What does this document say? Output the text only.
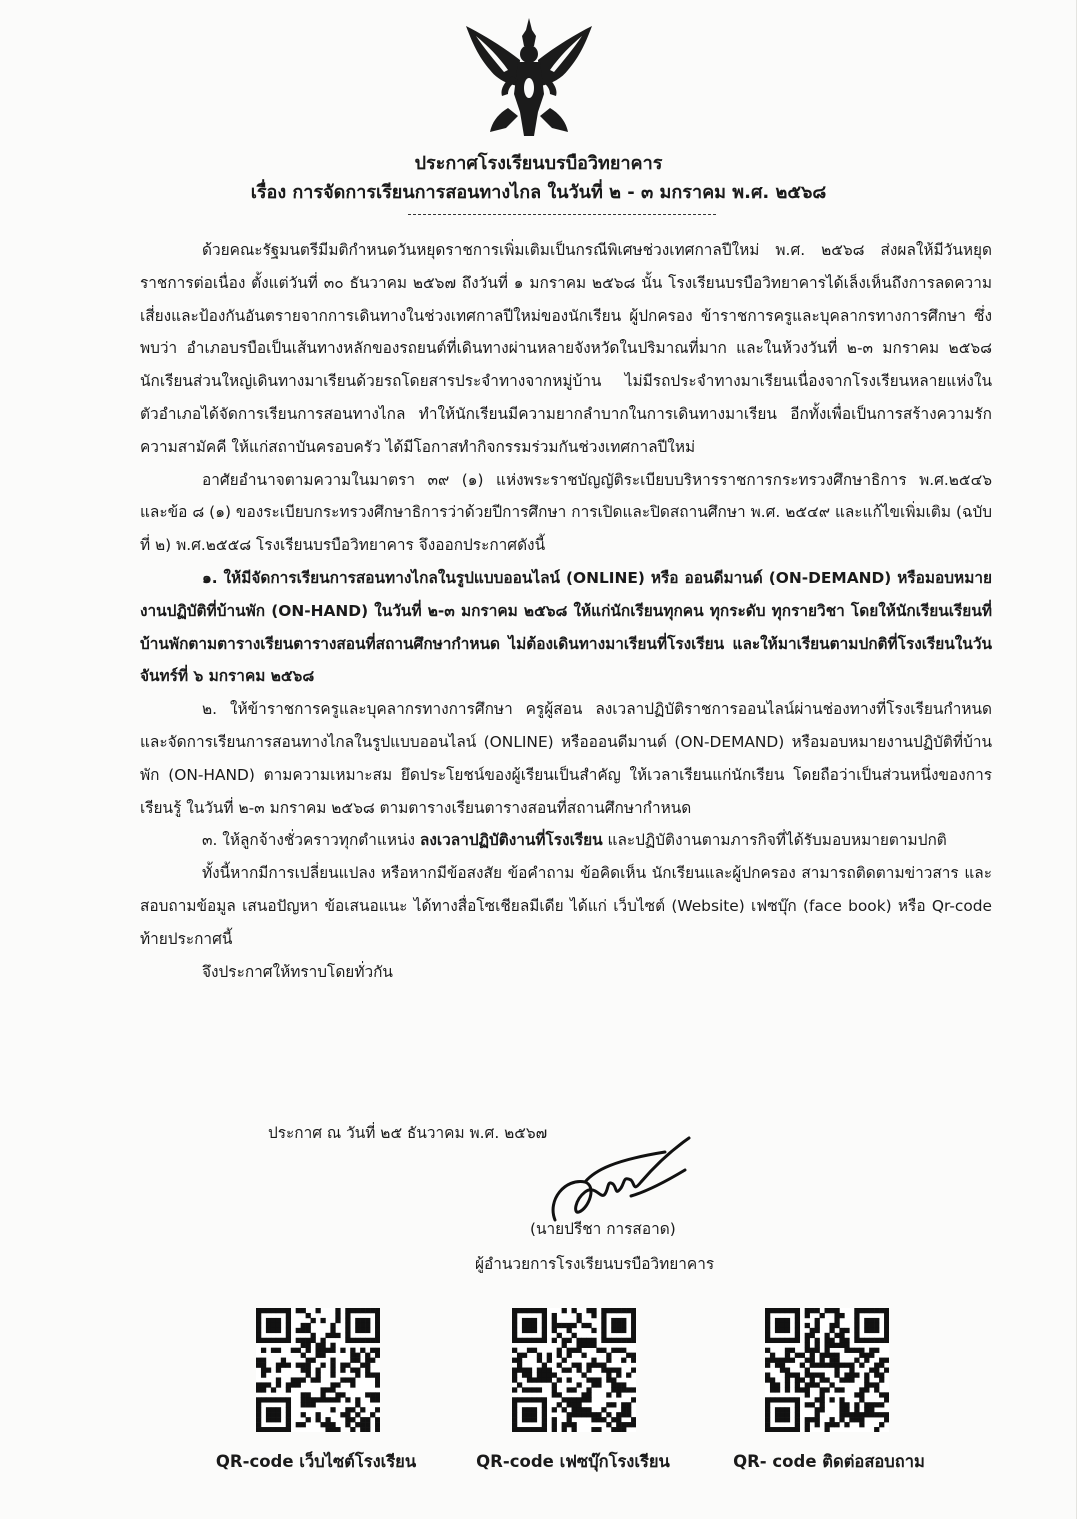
ประกาศโรงเรียนบรบือวิทยาคาร
เรื่อง การจัดการเรียนการสอนทางไกล ในวันที่ ๒ - ๓ มกราคม พ.ศ. ๒๕๖๘

ด้วยคณะรัฐมนตรีมีมติกำหนดวันหยุดราชการเพิ่มเติมเป็นกรณีพิเศษช่วงเทศกาลปีใหม่ พ.ศ. ๒๕๖๘ ส่งผลให้มีวันหยุดราชการต่อเนื่อง ตั้งแต่วันที่ ๓๐ ธันวาคม ๒๕๖๗ ถึงวันที่ ๑ มกราคม ๒๕๖๘ นั้น โรงเรียนบรบือวิทยาคารได้เล็งเห็นถึงการลดความเสี่ยงและป้องกันอันตรายจากการเดินทางในช่วงเทศกาลปีใหม่ของนักเรียน ผู้ปกครอง ข้าราชการครูและบุคลากรทางการศึกษา ซึ่งพบว่า อำเภอบรบือเป็นเส้นทางหลักของรถยนต์ที่เดินทางผ่านหลายจังหวัดในปริมาณที่มาก และในห้วงวันที่ ๒-๓ มกราคม ๒๕๖๘ นักเรียนส่วนใหญ่เดินทางมาเรียนด้วยรถโดยสารประจำทางจากหมู่บ้าน ไม่มีรถประจำทางมาเรียนเนื่องจากโรงเรียนหลายแห่งในตัวอำเภอได้จัดการเรียนการสอนทางไกล ทำให้นักเรียนมีความยากลำบากในการเดินทางมาเรียน อีกทั้งเพื่อเป็นการสร้างความรัก ความสามัคคี ให้แก่สถาบันครอบครัว ได้มีโอกาสทำกิจกรรมร่วมกันช่วงเทศกาลปีใหม่

อาศัยอำนาจตามความในมาตรา ๓๙ (๑) แห่งพระราชบัญญัติระเบียบบริหารราชการกระทรวงศึกษาธิการ พ.ศ.๒๕๔๖ และข้อ ๘ (๑) ของระเบียบกระทรวงศึกษาธิการว่าด้วยปีการศึกษา การเปิดและปิดสถานศึกษา พ.ศ. ๒๕๔๙ และแก้ไขเพิ่มเติม (ฉบับที่ ๒) พ.ศ.๒๕๕๘ โรงเรียนบรบือวิทยาคาร จึงออกประกาศดังนี้

๑. ให้มีจัดการเรียนการสอนทางไกลในรูปแบบออนไลน์ (ONLINE) หรือ ออนดีมานด์ (ON-DEMAND) หรือมอบหมายงานปฏิบัติที่บ้านพัก (ON-HAND) ในวันที่ ๒-๓ มกราคม ๒๕๖๘ ให้แก่นักเรียนทุกคน ทุกระดับ ทุกรายวิชา โดยให้นักเรียนเรียนที่บ้านพักตามตารางเรียนตารางสอนที่สถานศึกษากำหนด ไม่ต้องเดินทางมาเรียนที่โรงเรียน และให้มาเรียนตามปกติที่โรงเรียนในวันจันทร์ที่ ๖ มกราคม ๒๕๖๘

๒. ให้ข้าราชการครูและบุคลากรทางการศึกษา ครูผู้สอน ลงเวลาปฏิบัติราชการออนไลน์ผ่านช่องทางที่โรงเรียนกำหนด และจัดการเรียนการสอนทางไกลในรูปแบบออนไลน์ (ONLINE) หรือออนดีมานด์ (ON-DEMAND) หรือมอบหมายงานปฏิบัติที่บ้านพัก (ON-HAND) ตามความเหมาะสม ยึดประโยชน์ของผู้เรียนเป็นสำคัญ ให้เวลาเรียนแก่นักเรียน โดยถือว่าเป็นส่วนหนึ่งของการเรียนรู้ ในวันที่ ๒-๓ มกราคม ๒๕๖๘ ตามตารางเรียนตารางสอนที่สถานศึกษากำหนด

๓. ให้ลูกจ้างชั่วคราวทุกตำแหน่ง ลงเวลาปฏิบัติงานที่โรงเรียน และปฏิบัติงานตามภารกิจที่ได้รับมอบหมายตามปกติ

ทั้งนี้หากมีการเปลี่ยนแปลง หรือหากมีข้อสงสัย ข้อคำถาม ข้อคิดเห็น นักเรียนและผู้ปกครอง สามารถติดตามข่าวสาร และสอบถามข้อมูล เสนอปัญหา ข้อเสนอแนะ ได้ทางสื่อโซเชียลมีเดีย ได้แก่ เว็บไซต์ (Website) เฟซบุ๊ก (face book) หรือ Qr-code ท้ายประกาศนี้

จึงประกาศให้ทราบโดยทั่วกัน

ประกาศ ณ วันที่ ๒๕ ธันวาคม พ.ศ. ๒๕๖๗
(นายปรีชา การสอาด)
ผู้อำนวยการโรงเรียนบรบือวิทยาคาร
QR-code เว็บไซต์โรงเรียน	QR-code เฟซบุ๊กโรงเรียน	QR- code ติดต่อสอบถาม
